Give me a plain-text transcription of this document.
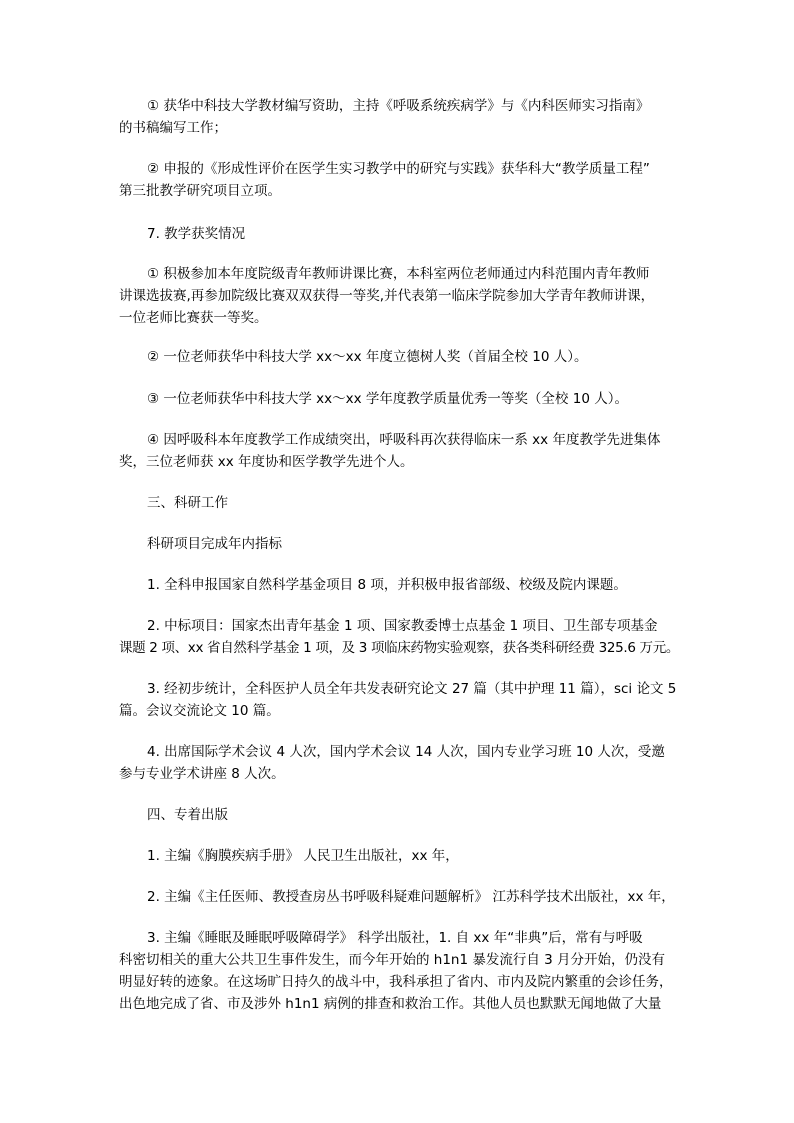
① 获华中科技大学教材编写资助，主持《呼吸系统疾病学》与《内科医师实习指南》
的书稿编写工作；
② 申报的《形成性评价在医学生实习教学中的研究与实践》获华科大“教学质量工程”
第三批教学研究项目立项。
7. 教学获奖情况
① 积极参加本年度院级青年教师讲课比赛，本科室两位老师通过内科范围内青年教师
讲课选拔赛,再参加院级比赛双双获得一等奖,并代表第一临床学院参加大学青年教师讲课，
一位老师比赛获一等奖。
② 一位老师获华中科技大学 xx～xx 年度立德树人奖（首届全校 10 人）。
③ 一位老师获华中科技大学 xx～xx 学年度教学质量优秀一等奖（全校 10 人）。
④ 因呼吸科本年度教学工作成绩突出，呼吸科再次获得临床一系 xx 年度教学先进集体
奖，三位老师获 xx 年度协和医学教学先进个人。
三、科研工作
科研项目完成年内指标
1. 全科申报国家自然科学基金项目 8 项，并积极申报省部级、校级及院内课题。
2. 中标项目：国家杰出青年基金 1 项、国家教委博士点基金 1 项目、卫生部专项基金
课题 2 项、xx 省自然科学基金 1 项，及 3 项临床药物实验观察，获各类科研经费 325.6 万元。
3. 经初步统计，全科医护人员全年共发表研究论文 27 篇（其中护理 11 篇），sci 论文 5
篇。会议交流论文 10 篇。
4. 出席国际学术会议 4 人次，国内学术会议 14 人次，国内专业学习班 10 人次，受邀
参与专业学术讲座 8 人次。
四、专着出版
1. 主编《胸膜疾病手册》 人民卫生出版社，xx 年，
2. 主编《主任医师、教授查房丛书呼吸科疑难问题解析》 江苏科学技术出版社，xx 年，
3. 主编《睡眠及睡眠呼吸障碍学》 科学出版社，1. 自 xx 年“非典”后，常有与呼吸
科密切相关的重大公共卫生事件发生，而今年开始的 h1n1 暴发流行自 3 月分开始，仍没有
明显好转的迹象。在这场旷日持久的战斗中，我科承担了省内、市内及院内繁重的会诊任务，
出色地完成了省、市及涉外 h1n1 病例的排查和救治工作。其他人员也默默无闻地做了大量
